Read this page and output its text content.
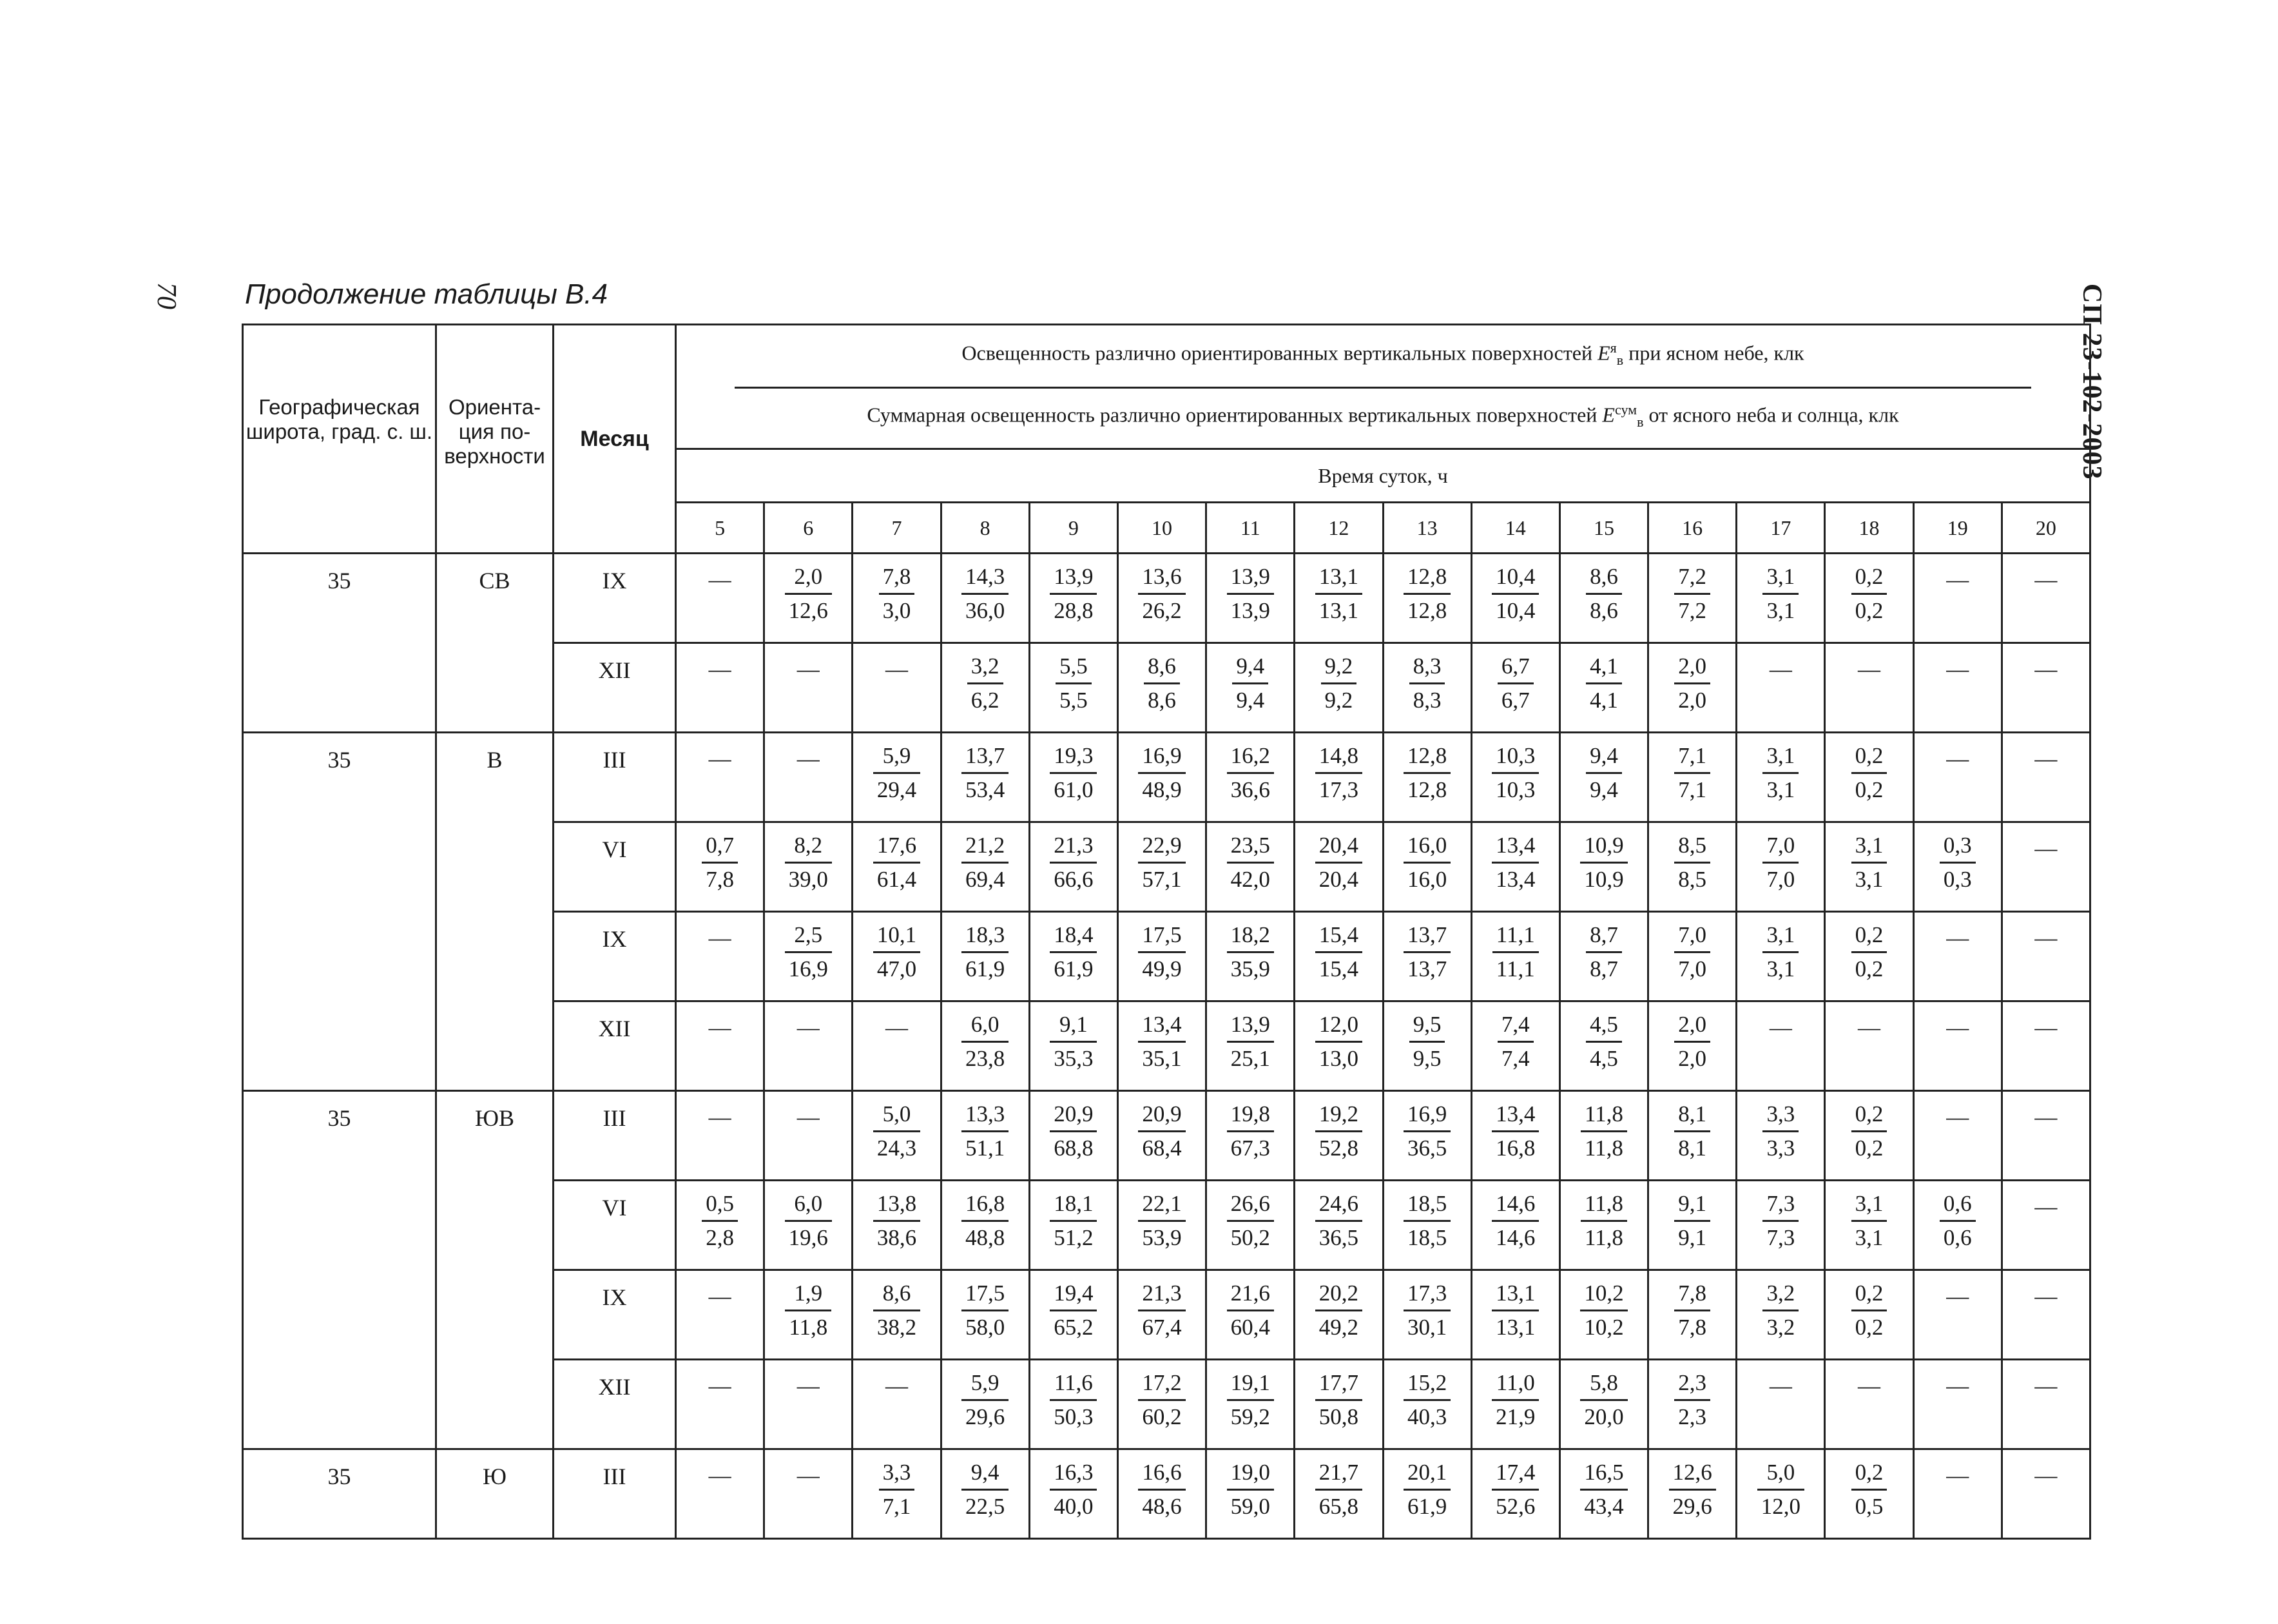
70	СП 23-102-2003
Продолжение таблицы В.4
Географическая широта, град. с. ш.	Ориента-ция по-верхности	Месяц	Освещенность различно ориентированных вертикальных поверхностей $E^я_в$ при ясном небе, клк
Суммарная освещенность различно ориентированных вертикальных поверхностей $E^{сум}_в$ от ясного неба и солнца, клк															

			Время суток, ч															
			5	6	7	8	9	10	11	12	13	14	15	16	17	18	19	20
35	СВ	IX	—	$\frac{2,0}{12,6}$	$\frac{7,8}{3,0}$	$\frac{14,3}{36,0}$	$\frac{13,9}{28,8}$	$\frac{13,6}{26,2}$	$\frac{13,9}{13,9}$	$\frac{13,1}{13,1}$	$\frac{12,8}{12,8}$	$\frac{10,4}{10,4}$	$\frac{8,6}{8,6}$	$\frac{7,2}{7,2}$	$\frac{3,1}{3,1}$	$\frac{0,2}{0,2}$	—	—
		XII	—	—	—	$\frac{3,2}{6,2}$	$\frac{5,5}{5,5}$	$\frac{8,6}{8,6}$	$\frac{9,4}{9,4}$	$\frac{9,2}{9,2}$	$\frac{8,3}{8,3}$	$\frac{6,7}{6,7}$	$\frac{4,1}{4,1}$	$\frac{2,0}{2,0}$	—	—	—	—
35	В	III	—	—	$\frac{5,9}{29,4}$	$\frac{13,7}{53,4}$	$\frac{19,3}{61,0}$	$\frac{16,9}{48,9}$	$\frac{16,2}{36,6}$	$\frac{14,8}{17,3}$	$\frac{12,8}{12,8}$	$\frac{10,3}{10,3}$	$\frac{9,4}{9,4}$	$\frac{7,1}{7,1}$	$\frac{3,1}{3,1}$	$\frac{0,2}{0,2}$	—	—
		VI	$\frac{0,7}{7,8}$	$\frac{8,2}{39,0}$	$\frac{17,6}{61,4}$	$\frac{21,2}{69,4}$	$\frac{21,3}{66,6}$	$\frac{22,9}{57,1}$	$\frac{23,5}{42,0}$	$\frac{20,4}{20,4}$	$\frac{16,0}{16,0}$	$\frac{13,4}{13,4}$	$\frac{10,9}{10,9}$	$\frac{8,5}{8,5}$	$\frac{7,0}{7,0}$	$\frac{3,1}{3,1}$	$\frac{0,3}{0,3}$	—
		IX	—	$\frac{2,5}{16,9}$	$\frac{10,1}{47,0}$	$\frac{18,3}{61,9}$	$\frac{18,4}{61,9}$	$\frac{17,5}{49,9}$	$\frac{18,2}{35,9}$	$\frac{15,4}{15,4}$	$\frac{13,7}{13,7}$	$\frac{11,1}{11,1}$	$\frac{8,7}{8,7}$	$\frac{7,0}{7,0}$	$\frac{3,1}{3,1}$	$\frac{0,2}{0,2}$	—	—
		XII	—	—	—	$\frac{6,0}{23,8}$	$\frac{9,1}{35,3}$	$\frac{13,4}{35,1}$	$\frac{13,9}{25,1}$	$\frac{12,0}{13,0}$	$\frac{9,5}{9,5}$	$\frac{7,4}{7,4}$	$\frac{4,5}{4,5}$	$\frac{2,0}{2,0}$	—	—	—	—
35	ЮВ	III	—	—	$\frac{5,0}{24,3}$	$\frac{13,3}{51,1}$	$\frac{20,9}{68,8}$	$\frac{20,9}{68,4}$	$\frac{19,8}{67,3}$	$\frac{19,2}{52,8}$	$\frac{16,9}{36,5}$	$\frac{13,4}{16,8}$	$\frac{11,8}{11,8}$	$\frac{8,1}{8,1}$	$\frac{3,3}{3,3}$	$\frac{0,2}{0,2}$	—	—
		VI	$\frac{0,5}{2,8}$	$\frac{6,0}{19,6}$	$\frac{13,8}{38,6}$	$\frac{16,8}{48,8}$	$\frac{18,1}{51,2}$	$\frac{22,1}{53,9}$	$\frac{26,6}{50,2}$	$\frac{24,6}{36,5}$	$\frac{18,5}{18,5}$	$\frac{14,6}{14,6}$	$\frac{11,8}{11,8}$	$\frac{9,1}{9,1}$	$\frac{7,3}{7,3}$	$\frac{3,1}{3,1}$	$\frac{0,6}{0,6}$	—
		IX	—	$\frac{1,9}{11,8}$	$\frac{8,6}{38,2}$	$\frac{17,5}{58,0}$	$\frac{19,4}{65,2}$	$\frac{21,3}{67,4}$	$\frac{21,6}{60,4}$	$\frac{20,2}{49,2}$	$\frac{17,3}{30,1}$	$\frac{13,1}{13,1}$	$\frac{10,2}{10,2}$	$\frac{7,8}{7,8}$	$\frac{3,2}{3,2}$	$\frac{0,2}{0,2}$	—	—
		XII	—	—	—	$\frac{5,9}{29,6}$	$\frac{11,6}{50,3}$	$\frac{17,2}{60,2}$	$\frac{19,1}{59,2}$	$\frac{17,7}{50,8}$	$\frac{15,2}{40,3}$	$\frac{11,0}{21,9}$	$\frac{5,8}{20,0}$	$\frac{2,3}{2,3}$	—	—	—	—
35	Ю	III	—	—	$\frac{3,3}{7,1}$	$\frac{9,4}{22,5}$	$\frac{16,3}{40,0}$	$\frac{16,6}{48,6}$	$\frac{19,0}{59,0}$	$\frac{21,7}{65,8}$	$\frac{20,1}{61,9}$	$\frac{17,4}{52,6}$	$\frac{16,5}{43,4}$	$\frac{12,6}{29,6}$	$\frac{5,0}{12,0}$	$\frac{0,2}{0,5}$	—	—
